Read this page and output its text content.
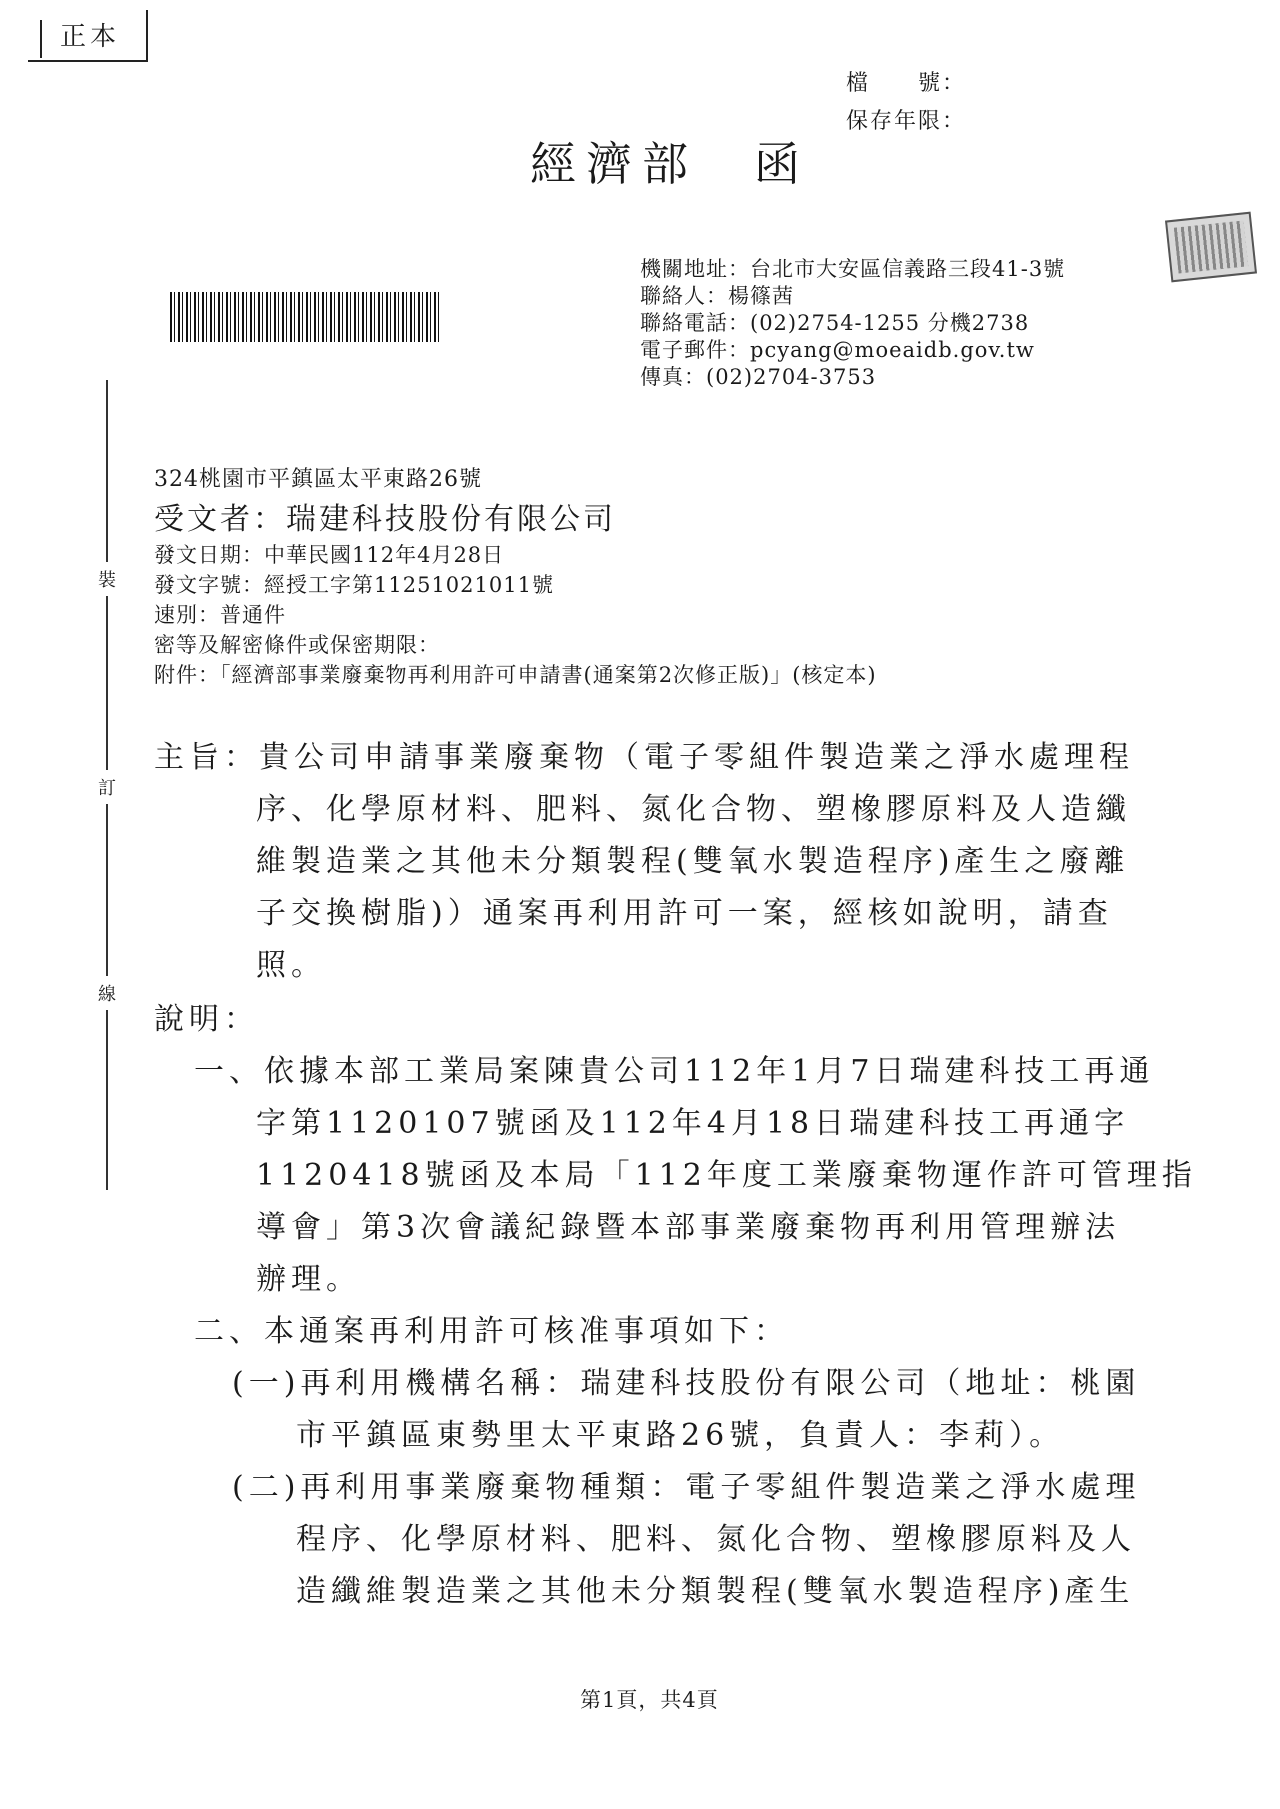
正本
檔　　號：
保存年限：
經濟部　函
機關地址：台北市大安區信義路三段41-3號
聯絡人：楊篠茜
聯絡電話：(02)2754-1255 分機2738
電子郵件：pcyang@moeaidb.gov.tw
傳真：(02)2704-3753
裝
訂
線
324桃園市平鎮區太平東路26號
受文者：瑞建科技股份有限公司
發文日期：中華民國112年4月28日
發文字號：經授工字第11251021011號
速別：普通件
密等及解密條件或保密期限：
附件：「經濟部事業廢棄物再利用許可申請書(通案第2次修正版)」(核定本)
主旨：貴公司申請事業廢棄物（電子零組件製造業之淨水處理程
序、化學原材料、肥料、氮化合物、塑橡膠原料及人造纖
維製造業之其他未分類製程(雙氧水製造程序)產生之廢離
子交換樹脂)）通案再利用許可一案，經核如說明，請查
照。
說明：
一、依據本部工業局案陳貴公司112年1月7日瑞建科技工再通
字第1120107號函及112年4月18日瑞建科技工再通字
1120418號函及本局「112年度工業廢棄物運作許可管理指
導會」第3次會議紀錄暨本部事業廢棄物再利用管理辦法
辦理。
二、本通案再利用許可核准事項如下：
(一)再利用機構名稱：瑞建科技股份有限公司（地址：桃園
市平鎮區東勢里太平東路26號，負責人：李莉）。
(二)再利用事業廢棄物種類：電子零組件製造業之淨水處理
程序、化學原材料、肥料、氮化合物、塑橡膠原料及人
造纖維製造業之其他未分類製程(雙氧水製造程序)產生
第1頁，共4頁
